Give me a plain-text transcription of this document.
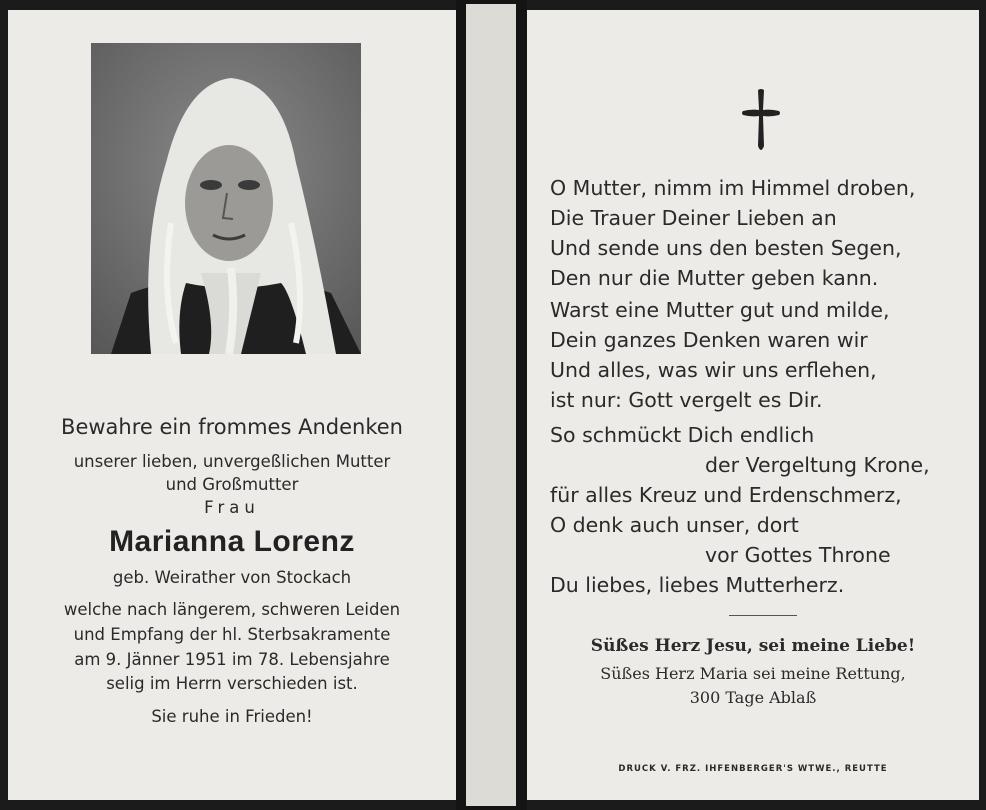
Bewahre ein frommes Andenken
unserer lieben, unvergeßlichen Mutter
und Großmutter
Frau
Marianna Lorenz
geb. Weirather von Stockach
welche nach längerem, schweren Leiden
und Empfang der hl. Sterbsakramente
am 9. Jänner 1951 im 78. Lebensjahre
selig im Herrn verschieden ist.
Sie ruhe in Frieden!
O Mutter, nimm im Himmel droben,
Die Trauer Deiner Lieben an
Und sende uns den besten Segen,
Den nur die Mutter geben kann.
Warst eine Mutter gut und milde,
Dein ganzes Denken waren wir
Und alles, was wir uns erflehen,
ist nur: Gott vergelt es Dir.
So schmückt Dich endlich
der Vergeltung Krone,
für alles Kreuz und Erdenschmerz,
O denk auch unser, dort
vor Gottes Throne
Du liebes, liebes Mutterherz.
Süßes Herz Jesu, sei meine Liebe!
Süßes Herz Maria sei meine Rettung,
300 Tage Ablaß
DRUCK V. FRZ. IHFENBERGER'S WTWE., REUTTE
